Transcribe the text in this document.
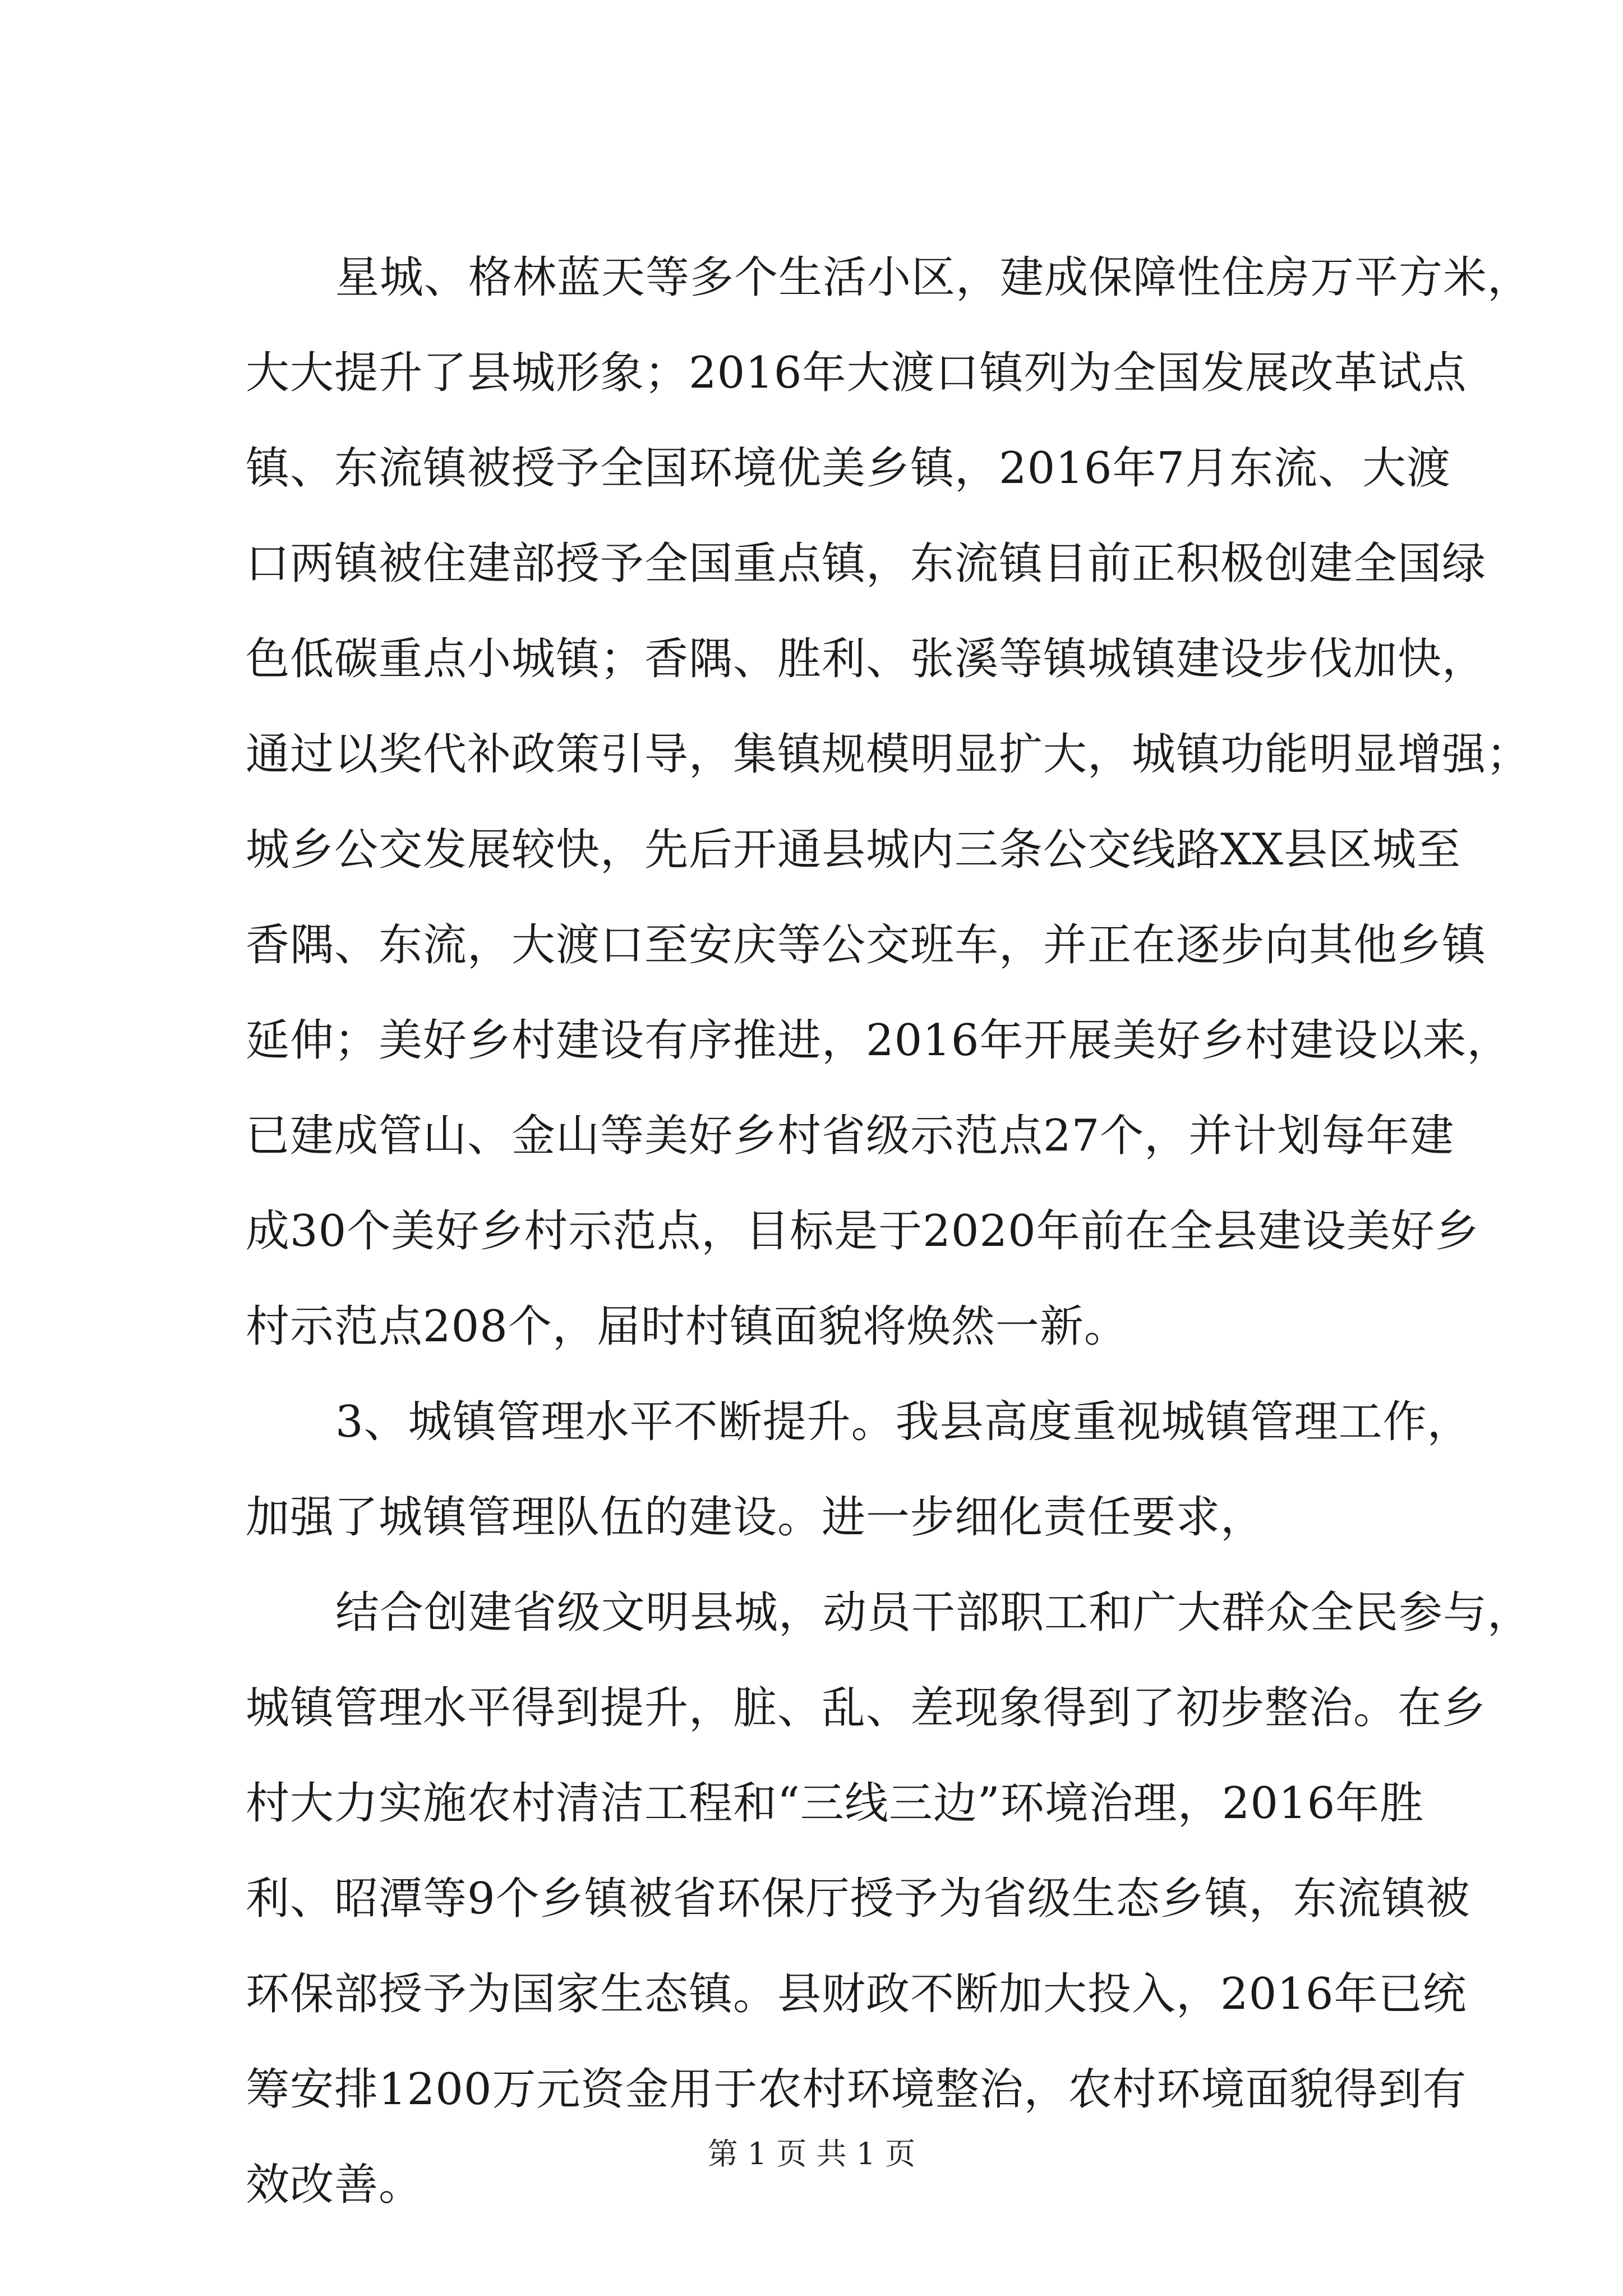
星城、格林蓝天等多个生活小区，建成保障性住房万平方米，
大大提升了县城形象；2016年大渡口镇列为全国发展改革试点
镇、东流镇被授予全国环境优美乡镇，2016年7月东流、大渡
口两镇被住建部授予全国重点镇，东流镇目前正积极创建全国绿
色低碳重点小城镇；香隅、胜利、张溪等镇城镇建设步伐加快，
通过以奖代补政策引导，集镇规模明显扩大，城镇功能明显增强；
城乡公交发展较快，先后开通县城内三条公交线路XX县区城至
香隅、东流，大渡口至安庆等公交班车，并正在逐步向其他乡镇
延伸；美好乡村建设有序推进，2016年开展美好乡村建设以来，
已建成管山、金山等美好乡村省级示范点27个，并计划每年建
成30个美好乡村示范点，目标是于2020年前在全县建设美好乡
村示范点208个，届时村镇面貌将焕然一新。
3、城镇管理水平不断提升。我县高度重视城镇管理工作，
加强了城镇管理队伍的建设。进一步细化责任要求，
结合创建省级文明县城，动员干部职工和广大群众全民参与，
城镇管理水平得到提升，脏、乱、差现象得到了初步整治。在乡
村大力实施农村清洁工程和“三线三边”环境治理，2016年胜
利、昭潭等9个乡镇被省环保厅授予为省级生态乡镇，东流镇被
环保部授予为国家生态镇。县财政不断加大投入，2016年已统
筹安排1200万元资金用于农村环境整治，农村环境面貌得到有
效改善。
第 1 页 共 1 页
